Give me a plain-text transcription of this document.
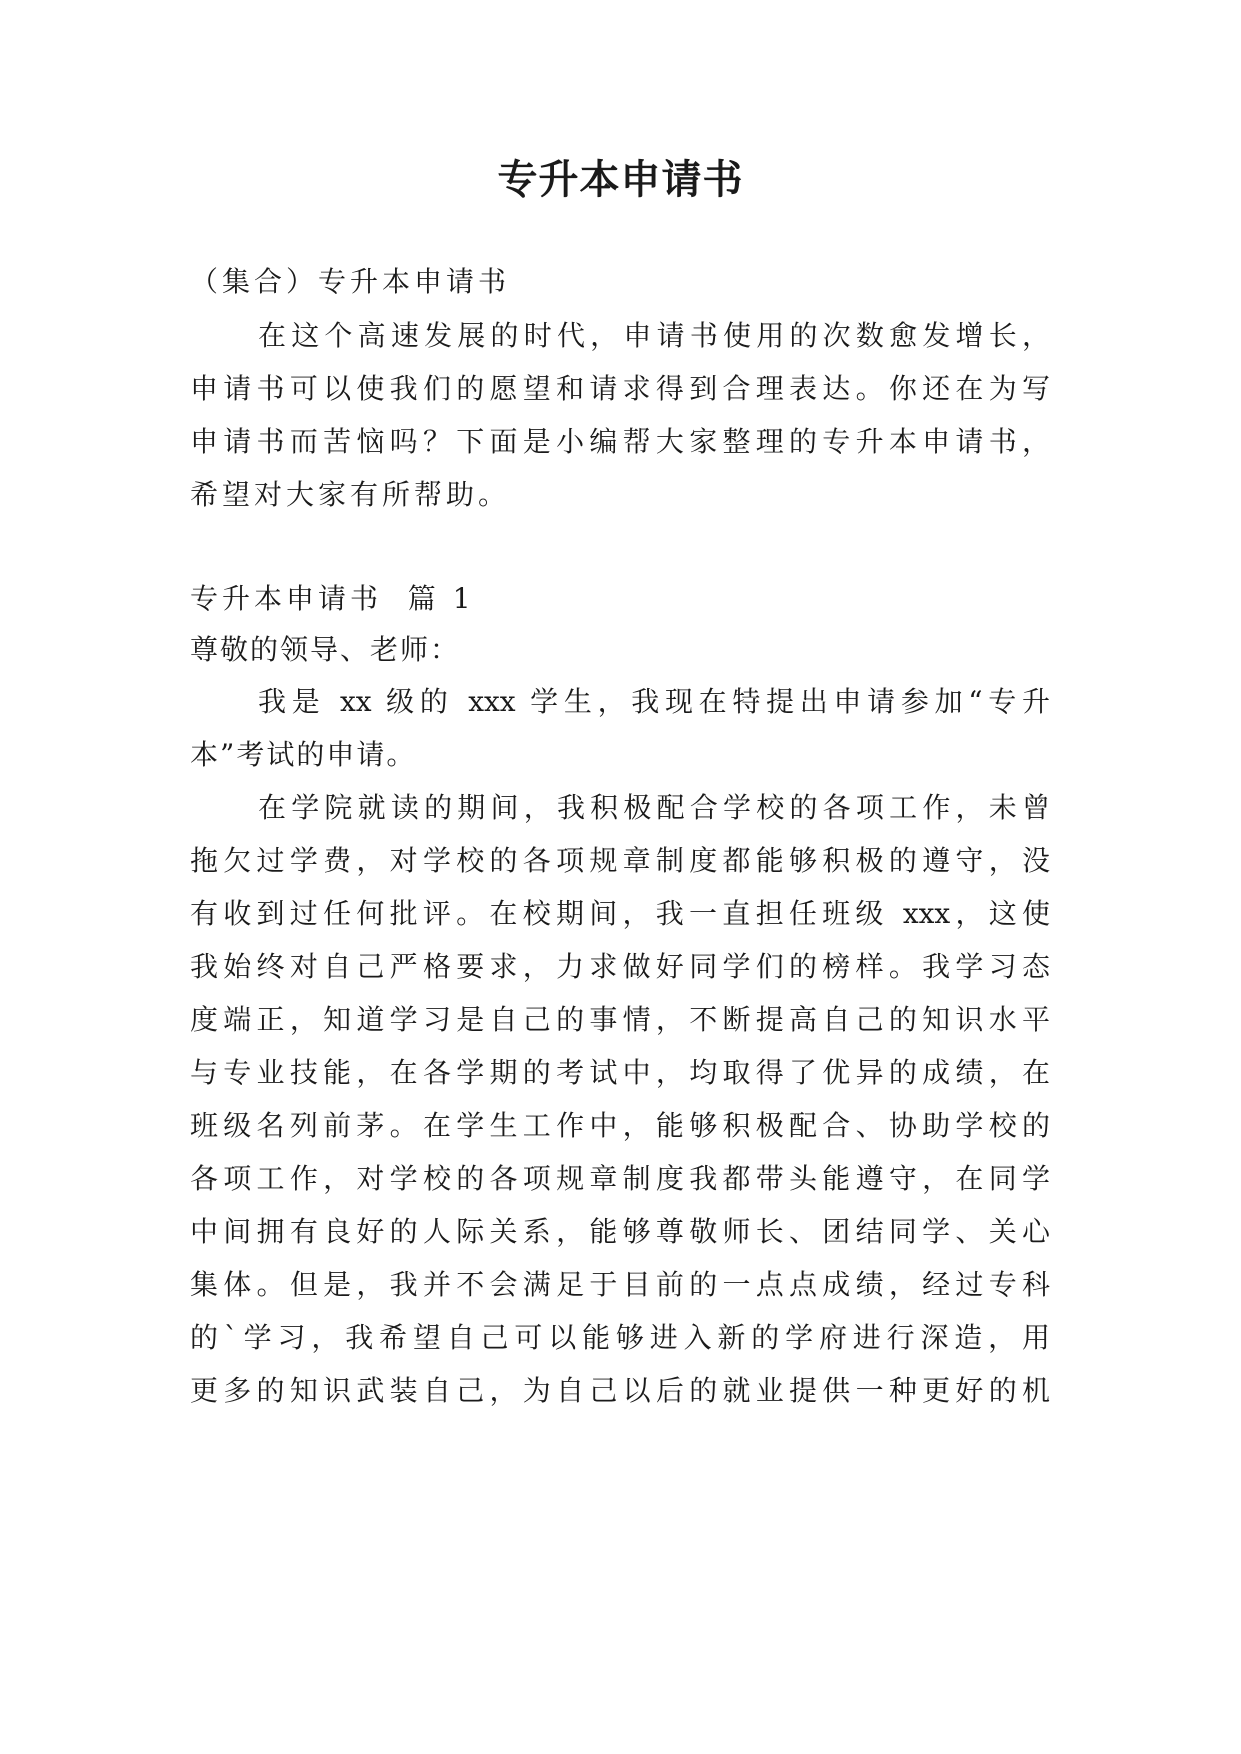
专升本申请书

（集合）专升本申请书

在这个高速发展的时代，申请书使用的次数愈发增长，

申请书可以使我们的愿望和请求得到合理表达。你还在为写

申请书而苦恼吗？下面是小编帮大家整理的专升本申请书，

希望对大家有所帮助。

专升本申请书  篇 1

尊敬的领导、老师：

我是 xx 级的 xxx 学生，我现在特提出申请参加“专升

本”考试的申请。

在学院就读的期间，我积极配合学校的各项工作，未曾

拖欠过学费，对学校的各项规章制度都能够积极的遵守，没

有收到过任何批评。在校期间，我一直担任班级 xxx，这使

我始终对自己严格要求，力求做好同学们的榜样。我学习态

度端正，知道学习是自己的事情，不断提高自己的知识水平

与专业技能，在各学期的考试中，均取得了优异的成绩，在

班级名列前茅。在学生工作中，能够积极配合、协助学校的

各项工作，对学校的各项规章制度我都带头能遵守，在同学

中间拥有良好的人际关系，能够尊敬师长、团结同学、关心

集体。但是，我并不会满足于目前的一点点成绩，经过专科

的`学习，我希望自己可以能够进入新的学府进行深造，用

更多的知识武装自己，为自己以后的就业提供一种更好的机
